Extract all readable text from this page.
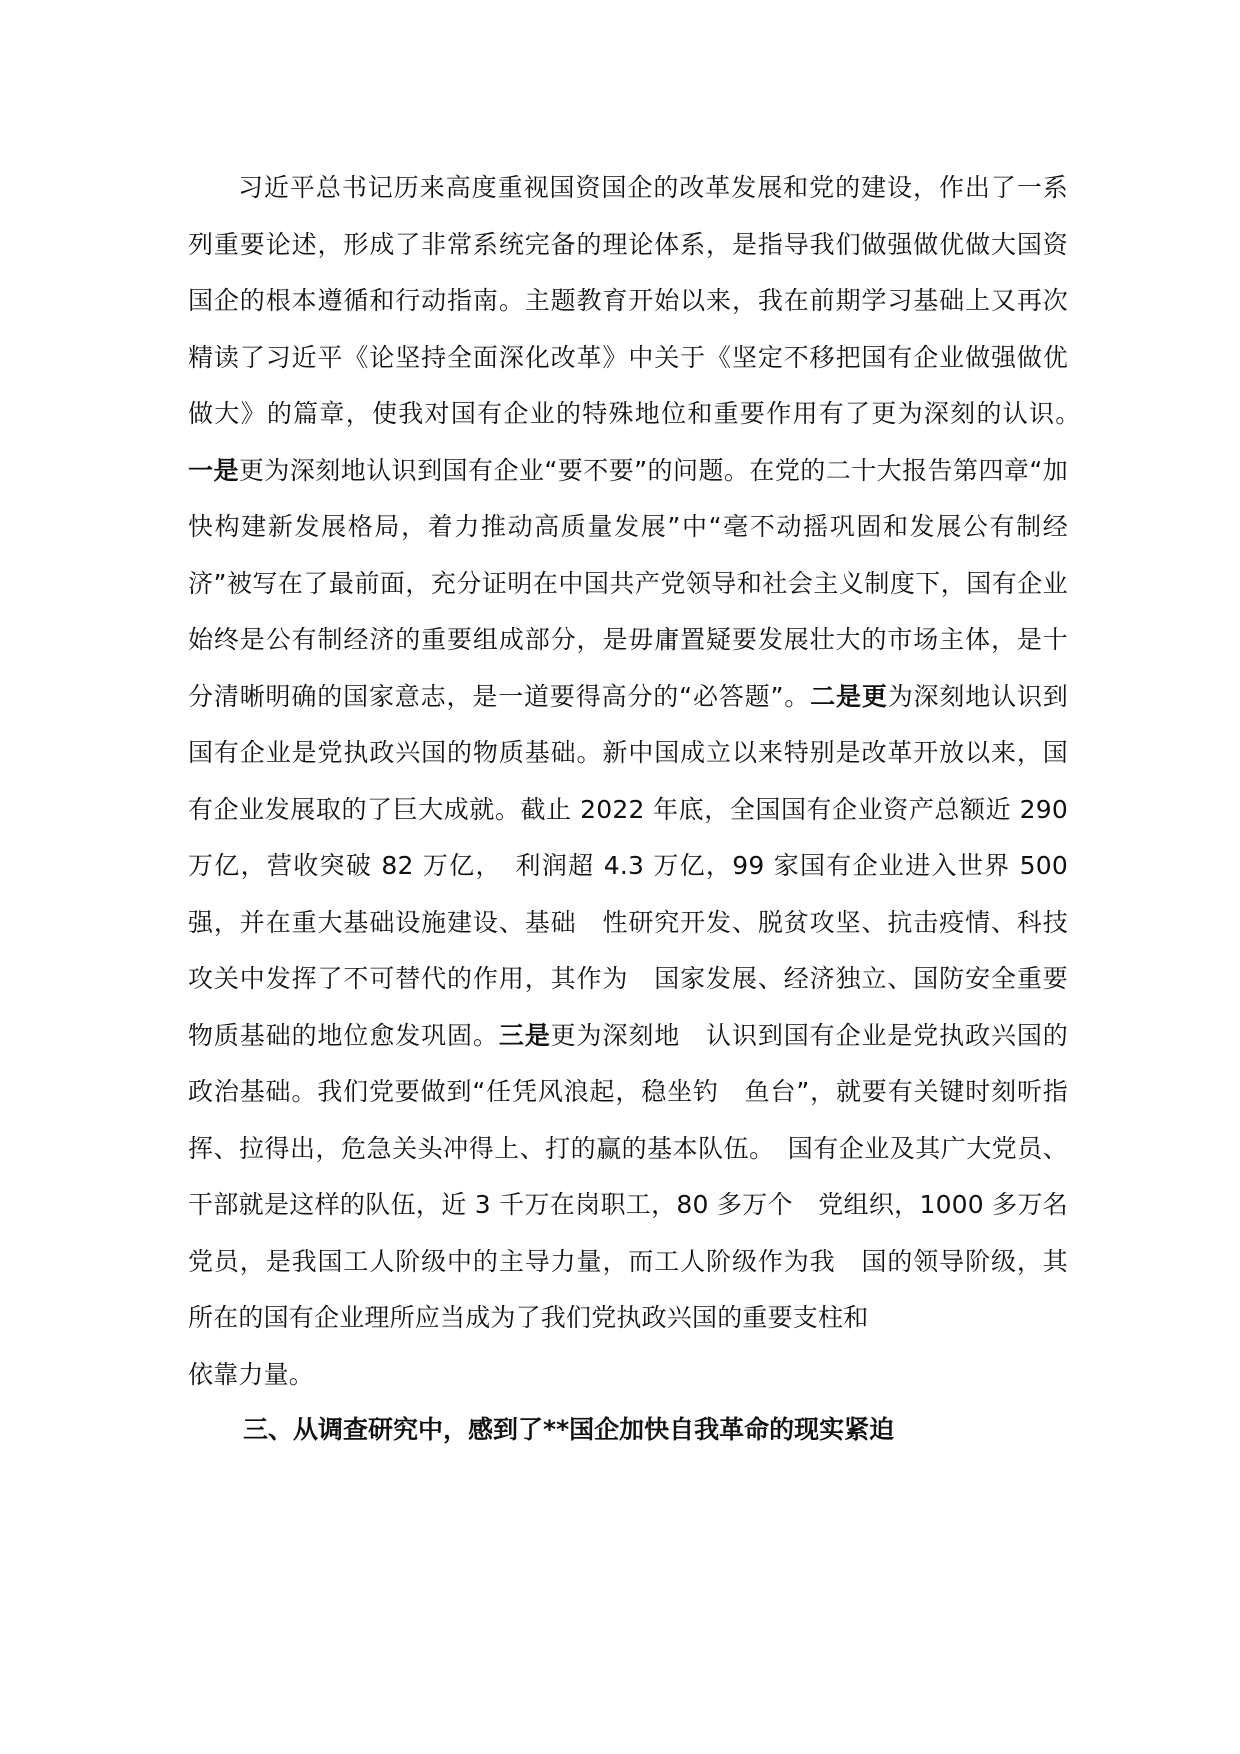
习近平总书记历来高度重视国资国企的改革发展和党的建设，作出了一系列重要论述，形成了非常系统完备的理论体系，是指导我们做强做优做大国资国企的根本遵循和行动指南。主题教育开始以来，我在前期学习基础上又再次精读了习近平《论坚持全面深化改革》中关于《坚定不移把国有企业做强做优做大》的篇章，使我对国有企业的特殊地位和重要作用有了更为深刻的认识。　一是更为深刻地认识到国有企业“要不要”的问题。在党的二十大报告第四章“加快构建新发展格局，着力推动高质量发展”中“毫不动摇巩固和发展公有制经济”被写在了最前面，充分证明在中国共产党领导和社会主义制度下，国有企业始终是公有制经济的重要组成部分，是毋庸置疑要发展壮大的市场主体，是十分清晰明确的国家意志，是一道要得高分的“必答题”。二是更为深刻地认识到国有企业是党执政兴国的物质基础。新中国成立以来特别是改革开放以来，国有企业发展取的了巨大成就。截止 2022 年底，全国国有企业资产总额近 290 万亿，营收突破 82 万亿，　利润超 4.3 万亿，99 家国有企业进入世界 500 强，并在重大基础设施建设、基础　性研究开发、脱贫攻坚、抗击疫情、科技攻关中发挥了不可替代的作用，其作为　国家发展、经济独立、国防安全重要物质基础的地位愈发巩固。三是更为深刻地　认识到国有企业是党执政兴国的政治基础。我们党要做到“任凭风浪起，稳坐钓　鱼台”，就要有关键时刻听指挥、拉得出，危急关头冲得上、打的赢的基本队伍。　国有企业及其广大党员、干部就是这样的队伍，近 3 千万在岗职工，80 多万个　党组织，1000 多万名党员，是我国工人阶级中的主导力量，而工人阶级作为我　国的领导阶级，其所在的国有企业理所应当成为了我们党执政兴国的重要支柱和

依靠力量。

三、从调查研究中，感到了**国企加快自我革命的现实紧迫
